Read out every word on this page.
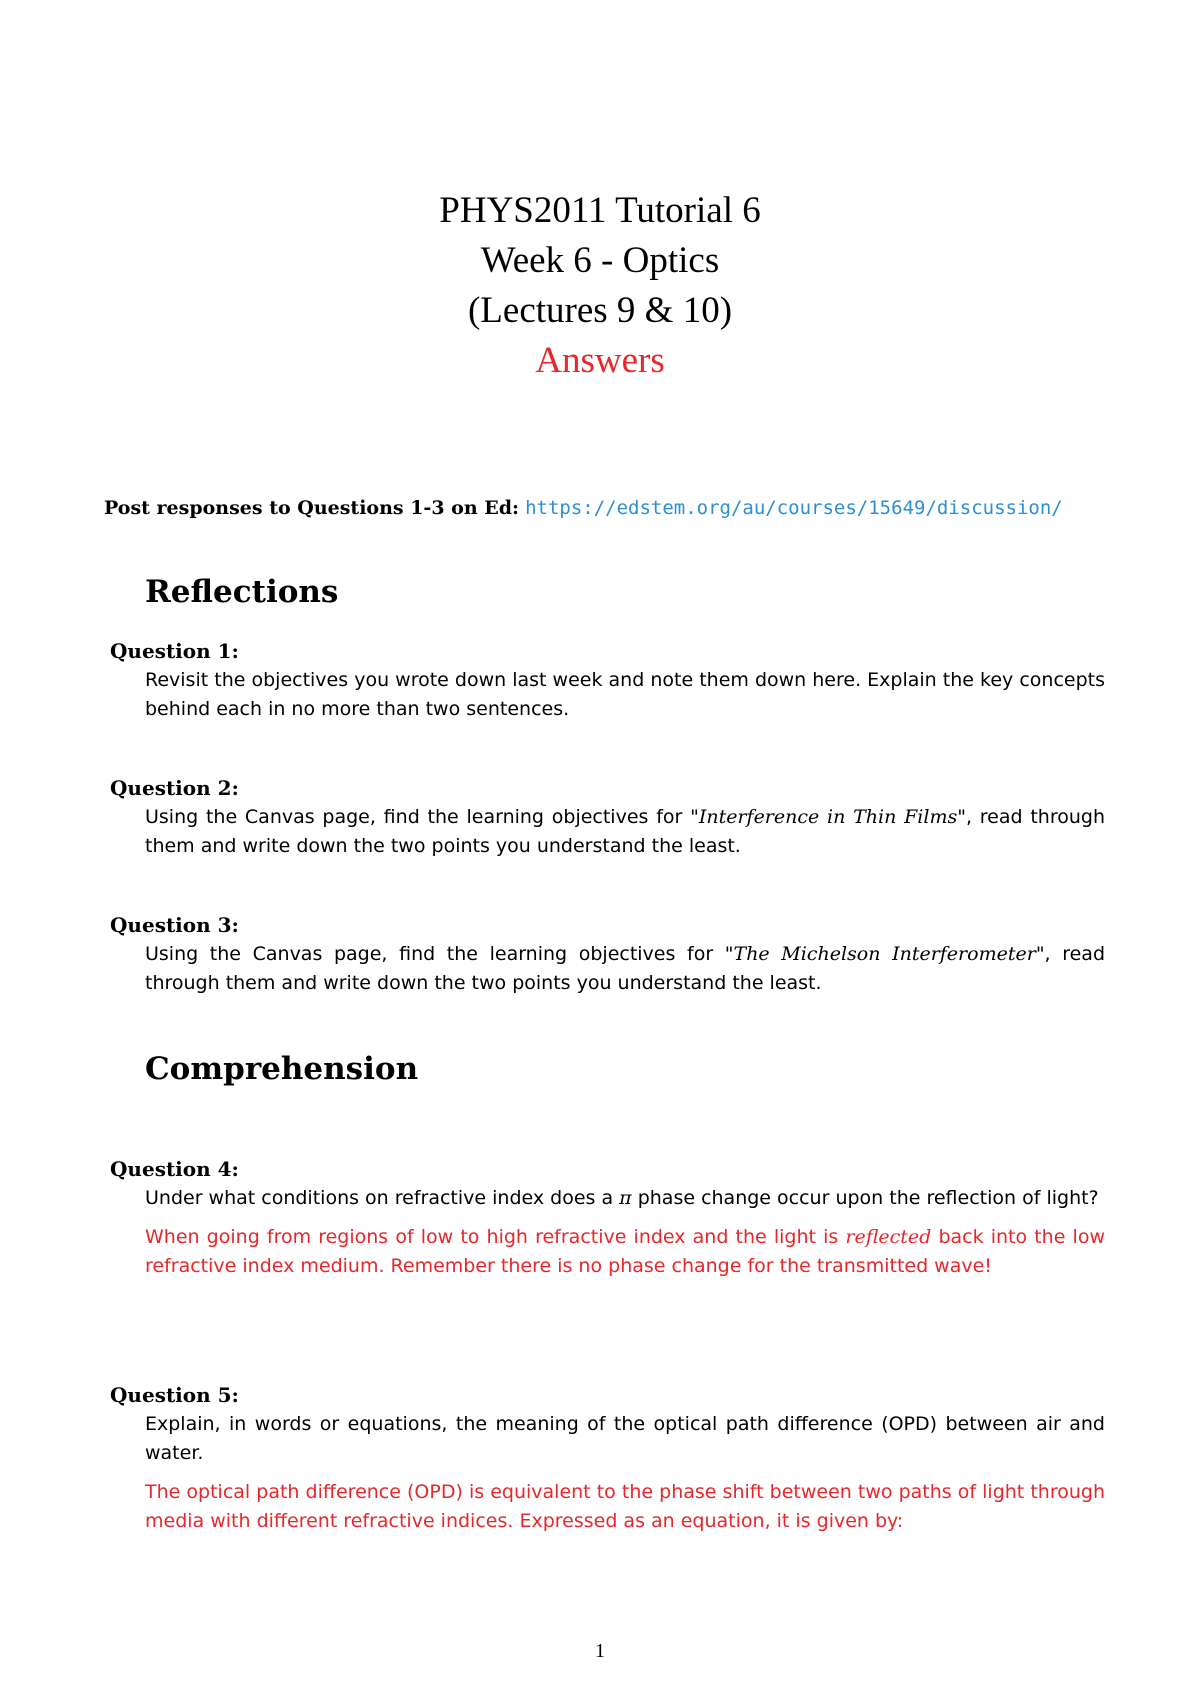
PHYS2011 Tutorial 6
Week 6 - Optics
(Lectures 9 & 10)
Answers
Post responses to Questions 1-3 on Ed: https://edstem.org/au/courses/15649/discussion/
Reflections
Question 1:
Revisit the objectives you wrote down last week and note them down here. Explain the key concepts behind each in no more than two sentences.
Question 2:
Using the Canvas page, find the learning objectives for "Interference in Thin Films", read through them and write down the two points you understand the least.
Question 3:
Using the Canvas page, find the learning objectives for "The Michelson Interferometer", read through them and write down the two points you understand the least.
Comprehension
Question 4:
Under what conditions on refractive index does a π phase change occur upon the reflection of light?
When going from regions of low to high refractive index and the light is reflected back into the low refractive index medium. Remember there is no phase change for the transmitted wave!
Question 5:
Explain, in words or equations, the meaning of the optical path difference (OPD) between air and water.
The optical path difference (OPD) is equivalent to the phase shift between two paths of light through media with different refractive indices. Expressed as an equation, it is given by:
1
